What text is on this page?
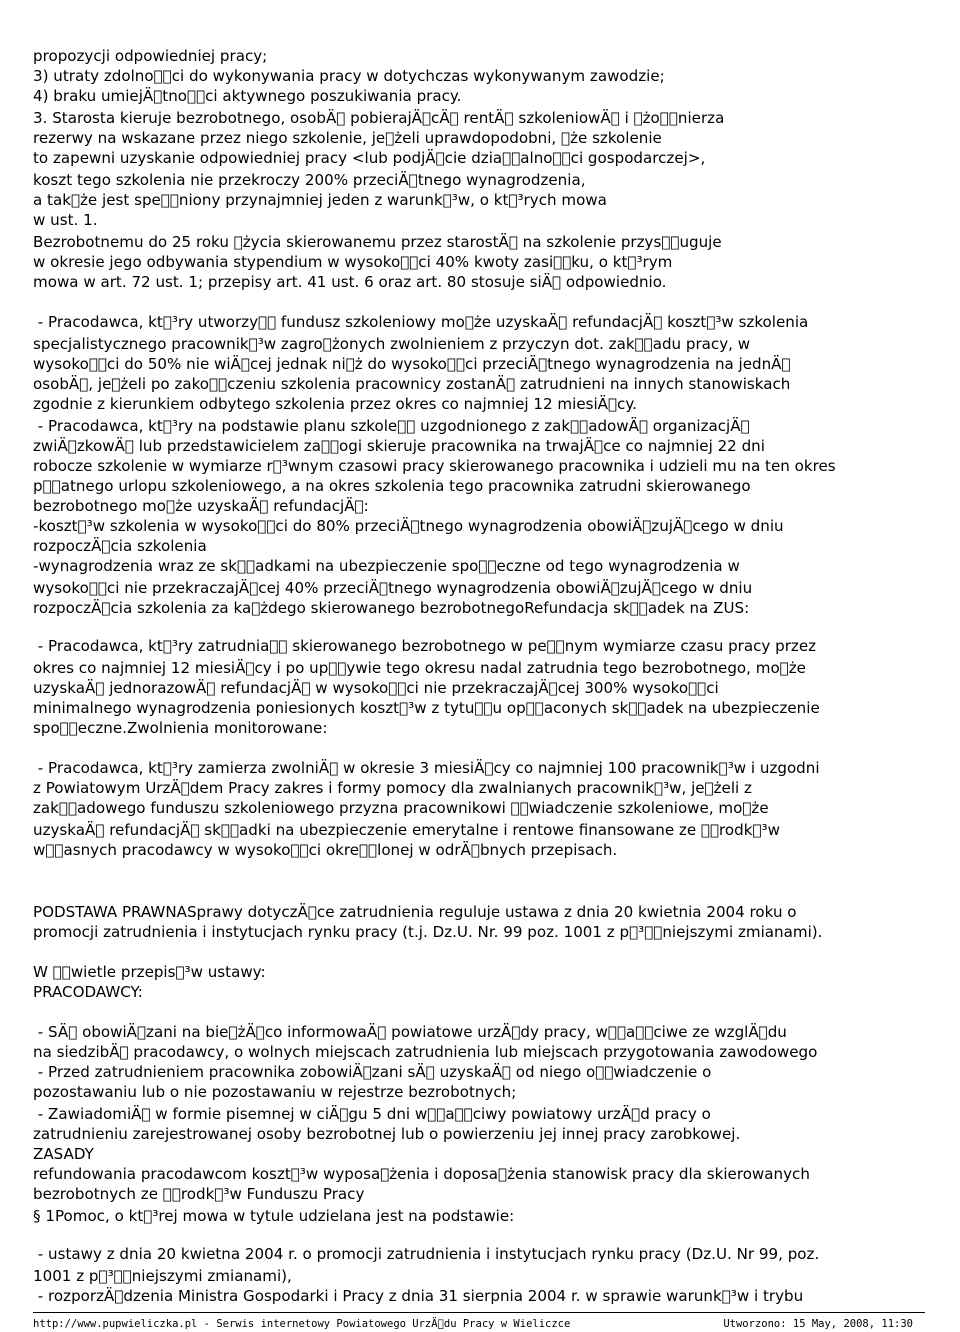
propozycji odpowiedniej pracy;

3) utraty zdolno  ci do wykonywania pracy w dotychczas wykonywanym zawodzie;

4) braku umiejÄ tno  ci aktywnego poszukiwania pracy.

3. Starosta kieruje bezrobotnego, osobÄ  pobierajÄ cÄ  rentÄ  szkoleniowÄ  i  żo  nierza

rezerwy na wskazane przez niego szkolenie, je żeli uprawdopodobni,  że szkolenie

to zapewni uzyskanie odpowiedniej pracy <lub podjÄ cie dzia  alno  ci gospodarczej>,

koszt tego szkolenia nie przekroczy 200% przeciÄ tnego wynagrodzenia,

a tak że jest spe  niony przynajmniej jeden z warunk ³w, o kt ³rych mowa

w ust. 1.

Bezrobotnemu do 25 roku  życia skierowanemu przez starostÄ  na szkolenie przys  uguje

w okresie jego odbywania stypendium w wysoko  ci 40% kwoty zasi  ku, o kt ³rym

mowa w art. 72 ust. 1; przepisy art. 41 ust. 6 oraz art. 80 stosuje siÄ  odpowiednio.

- Pracodawca, kt ³ry utworzy   fundusz szkoleniowy mo że uzyskaÄ  refundacjÄ  koszt ³w szkolenia

specjalistycznego pracownik ³w zagro żonych zwolnieniem z przyczyn dot. zak  adu pracy, w

wysoko  ci do 50% nie wiÄ cej jednak ni ż do wysoko  ci przeciÄ tnego wynagrodzenia na jednÄ 

osobÄ , je żeli po zako  czeniu szkolenia pracownicy zostanÄ  zatrudnieni na innych stanowiskach

zgodnie z kierunkiem odbytego szkolenia przez okres co najmniej 12 miesiÄ cy.

- Pracodawca, kt ³ry na podstawie planu szkole   uzgodnionego z zak  adowÄ  organizacjÄ 

zwiÄ zkowÄ  lub przedstawicielem za  ogi skieruje pracownika na trwajÄ ce co najmniej 22 dni

robocze szkolenie w wymiarze r ³wnym czasowi pracy skierowanego pracownika i udzieli mu na ten okres

p  atnego urlopu szkoleniowego, a na okres szkolenia tego pracownika zatrudni skierowanego

bezrobotnego mo że uzyskaÄ  refundacjÄ :

-koszt ³w szkolenia w wysoko  ci do 80% przeciÄ tnego wynagrodzenia obowiÄ zujÄ cego w dniu

rozpoczÄ cia szkolenia

-wynagrodzenia wraz ze sk  adkami na ubezpieczenie spo  eczne od tego wynagrodzenia w

wysoko  ci nie przekraczajÄ cej 40% przeciÄ tnego wynagrodzenia obowiÄ zujÄ cego w dniu

rozpoczÄ cia szkolenia za ka żdego skierowanego bezrobotnegoRefundacja sk  adek na ZUS:

- Pracodawca, kt ³ry zatrudnia   skierowanego bezrobotnego w pe  nym wymiarze czasu pracy przez

okres co najmniej 12 miesiÄ cy i po up  ywie tego okresu nadal zatrudnia tego bezrobotnego, mo że

uzyskaÄ  jednorazowÄ  refundacjÄ  w wysoko  ci nie przekraczajÄ cej 300% wysoko  ci

minimalnego wynagrodzenia poniesionych koszt ³w z tytu  u op  aconych sk  adek na ubezpieczenie

spo  eczne.Zwolnienia monitorowane:

- Pracodawca, kt ³ry zamierza zwolniÄ  w okresie 3 miesiÄ cy co najmniej 100 pracownik ³w i uzgodni

z Powiatowym UrzÄ dem Pracy zakres i formy pomocy dla zwalnianych pracownik ³w, je żeli z

zak  adowego funduszu szkoleniowego przyzna pracownikowi   wiadczenie szkoleniowe, mo że

uzyskaÄ  refundacjÄ  sk  adki na ubezpieczenie emerytalne i rentowe finansowane ze   rodk ³w

w  asnych pracodawcy w wysoko  ci okre  lonej w odrÄ bnych przepisach.

PODSTAWA PRAWNASprawy dotyczÄ ce zatrudnienia reguluje ustawa z dnia 20 kwietnia 2004 roku o

promocji zatrudnienia i instytucjach rynku pracy (t.j. Dz.U. Nr. 99 poz. 1001 z p ³  niejszymi zmianami).

W   wietle przepis ³w ustawy:

PRACODAWCY:

- SÄ  obowiÄ zani na bie żÄ co informowaÄ  powiatowe urzÄ dy pracy, w  a  ciwe ze wzglÄ du

na siedzibÄ  pracodawcy, o wolnych miejscach zatrudnienia lub miejscach przygotowania zawodowego

- Przed zatrudnieniem pracownika zobowiÄ zani sÄ  uzyskaÄ  od niego o  wiadczenie o

pozostawaniu lub o nie pozostawaniu w rejestrze bezrobotnych;

- ZawiadomiÄ  w formie pisemnej w ciÄ gu 5 dni w  a  ciwy powiatowy urzÄ d pracy o

zatrudnieniu zarejestrowanej osoby bezrobotnej lub o powierzeniu jej innej pracy zarobkowej.

ZASADY

refundowania pracodawcom koszt ³w wyposa żenia i doposa żenia stanowisk pracy dla skierowanych

bezrobotnych ze   rodk ³w Funduszu Pracy

§ 1Pomoc, o kt ³rej mowa w tytule udzielana jest na podstawie:

- ustawy z dnia 20 kwietna 2004 r. o promocji zatrudnienia i instytucjach rynku pracy (Dz.U. Nr 99, poz.

1001 z p ³  niejszymi zmianami),

- rozporzÄ dzenia Ministra Gospodarki i Pracy z dnia 31 sierpnia 2004 r. w sprawie warunk ³w i trybu

http://www.pupwieliczka.pl - Serwis internetowy Powiatowego UrzÄ du Pracy w Wieliczce	Utworzono: 15 May, 2008, 11:30
